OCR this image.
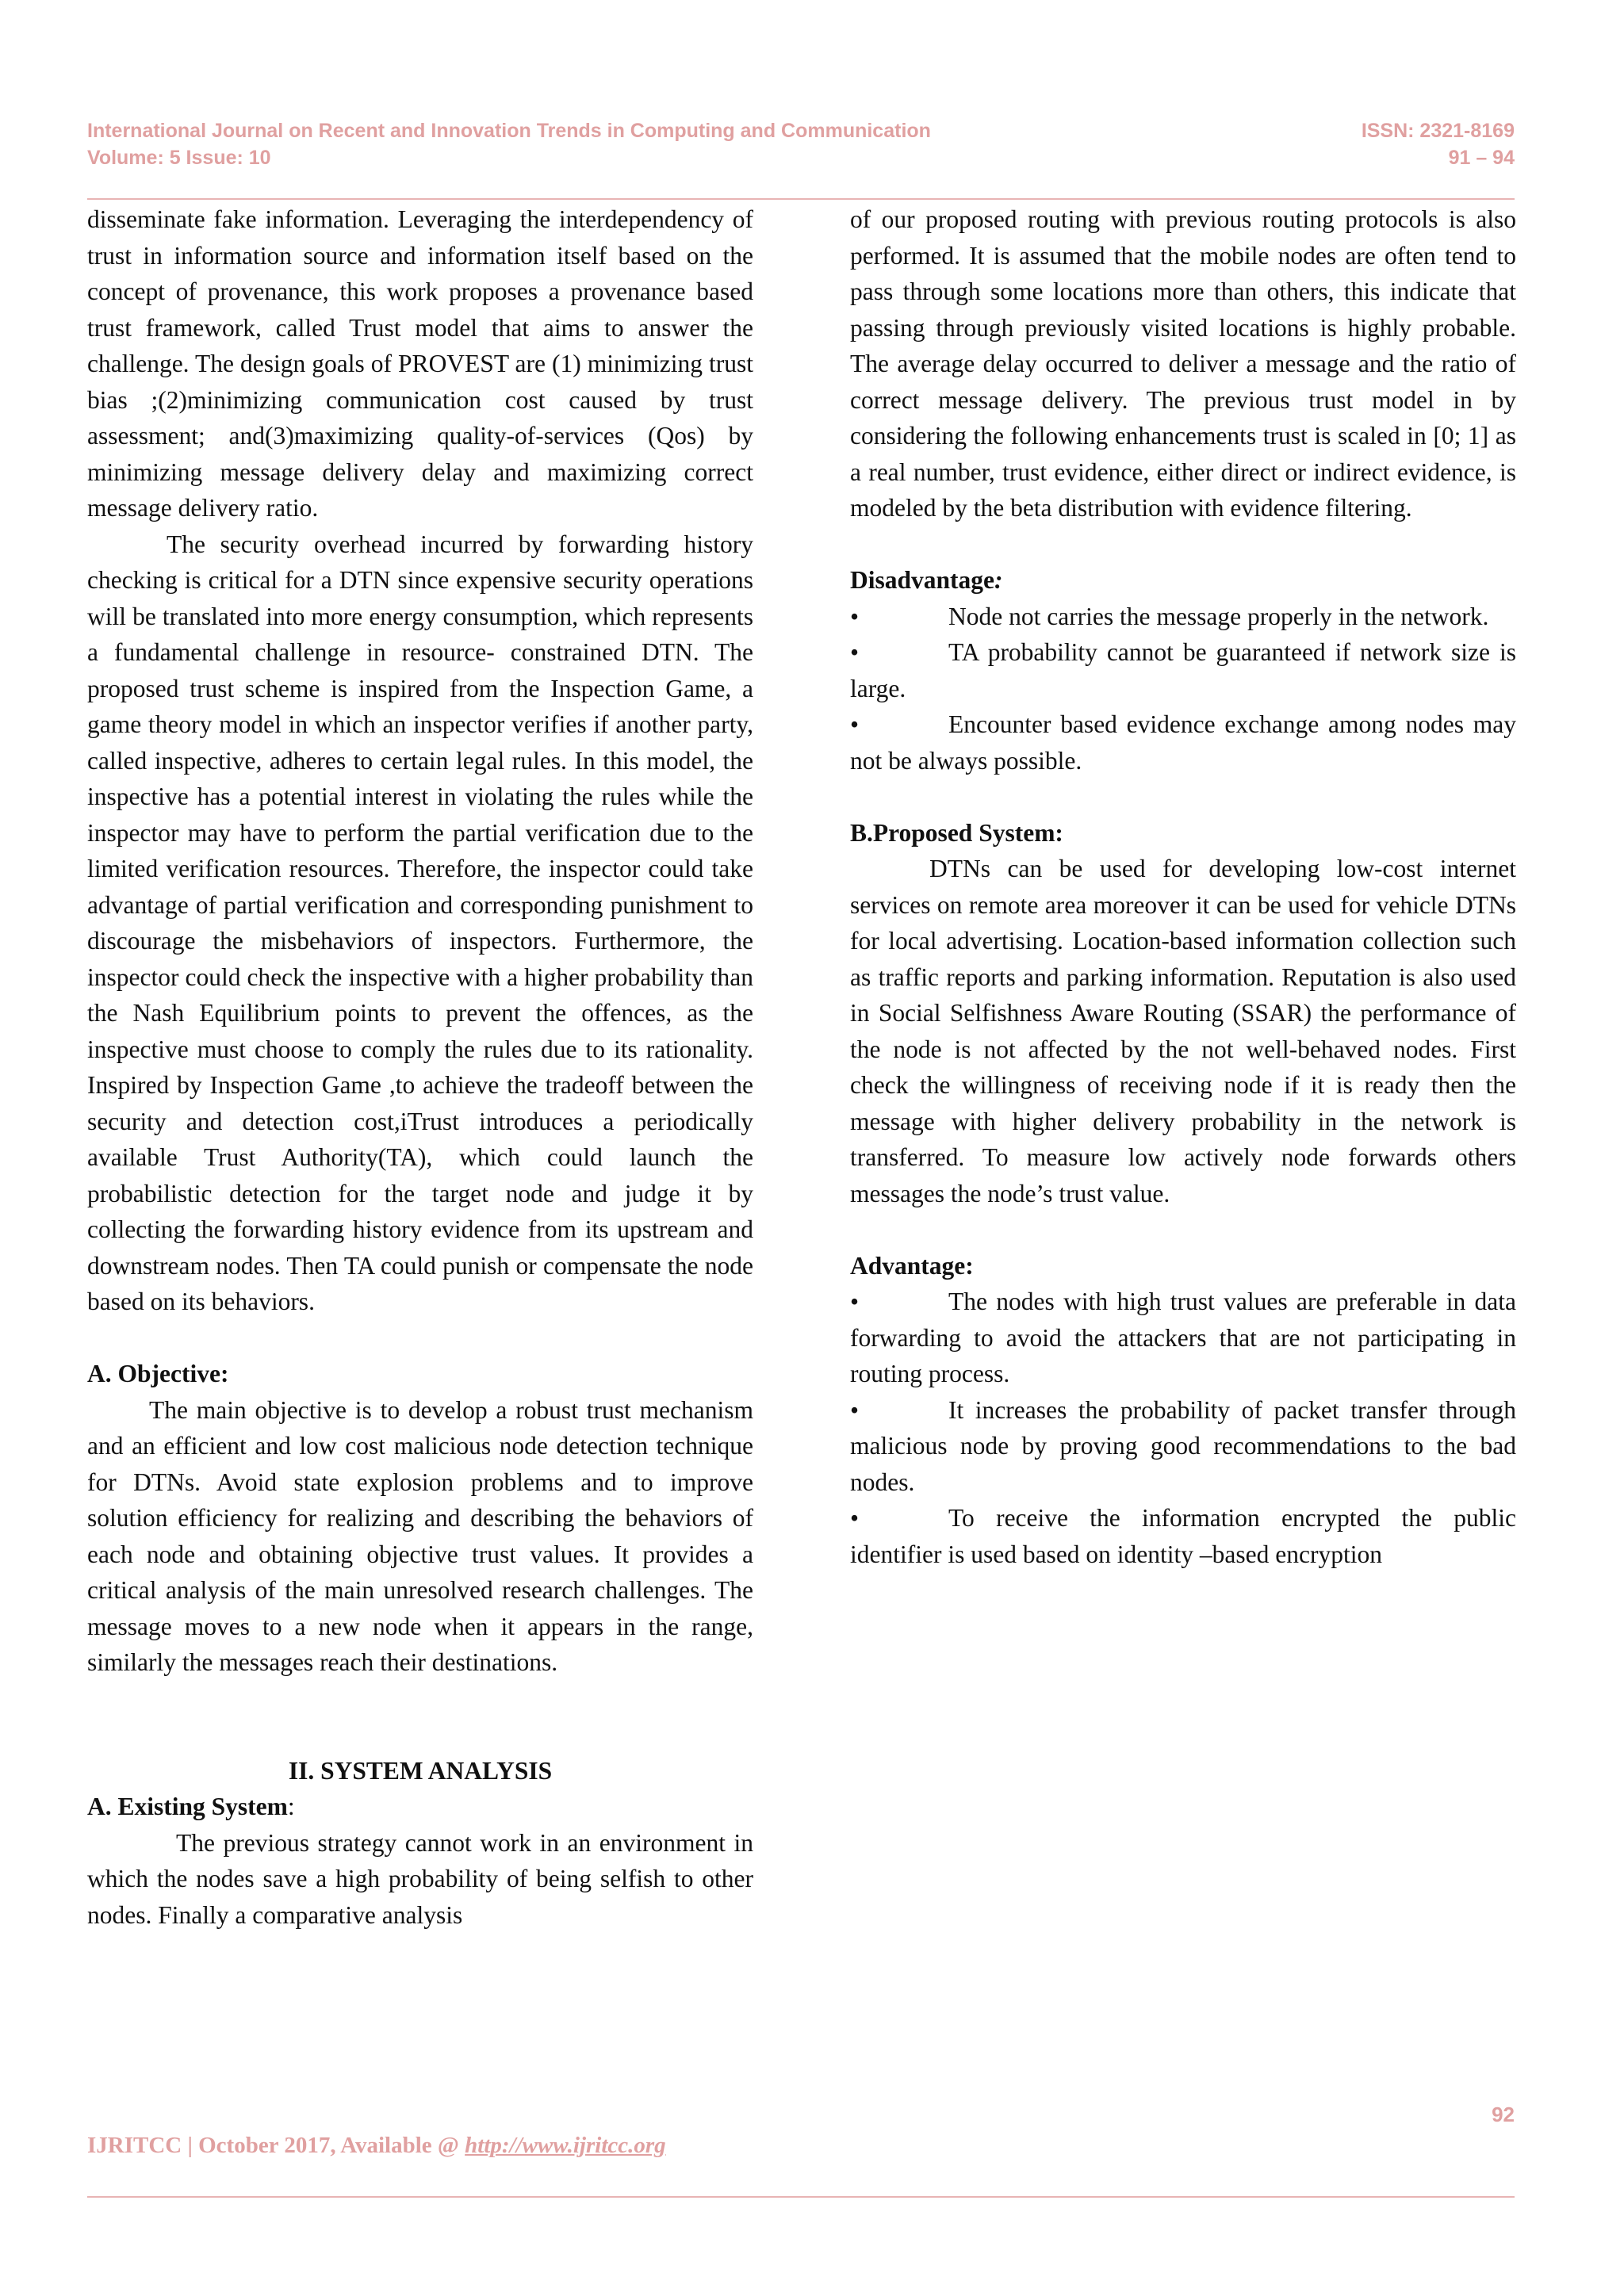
International Journal on Recent and Innovation Trends in Computing and Communication	ISSN: 2321-8169
Volume: 5 Issue: 10	91 – 94

disseminate fake information. Leveraging the interdependency of trust in information source and information itself based on the concept of provenance, this work proposes a provenance based trust framework, called Trust model that aims to answer the challenge. The design goals of PROVEST are (1) minimizing trust bias ;(2)minimizing communication cost caused by trust assessment; and(3)maximizing quality-of-services (Qos) by minimizing message delivery delay and maximizing correct message delivery ratio.

The security overhead incurred by forwarding history checking is critical for a DTN since expensive security operations will be translated into more energy consumption, which represents a fundamental challenge in resource- constrained DTN. The proposed trust scheme is inspired from the Inspection Game, a game theory model in which an inspector verifies if another party, called inspective, adheres to certain legal rules. In this model, the inspective has a potential interest in violating the rules while the inspector may have to perform the partial verification due to the limited verification resources. Therefore, the inspector could take advantage of partial verification and corresponding punishment to discourage the misbehaviors of inspectors. Furthermore, the inspector could check the inspective with a higher probability than the Nash Equilibrium points to prevent the offences, as the inspective must choose to comply the rules due to its rationality. Inspired by Inspection Game ,to achieve the tradeoff between the security and detection cost,iTrust introduces a periodically available Trust Authority(TA), which could launch the probabilistic detection for the target node and judge it by collecting the forwarding history evidence from its upstream and downstream nodes. Then TA could punish or compensate the node based on its behaviors.

A. Objective:

The main objective is to develop a robust trust mechanism and an efficient and low cost malicious node detection technique for DTNs. Avoid state explosion problems and to improve solution efficiency for realizing and describing the behaviors of each node and obtaining objective trust values. It provides a critical analysis of the main unresolved research challenges. The message moves to a new node when it appears in the range, similarly the messages reach their destinations.

II. SYSTEM ANALYSIS

A. Existing System:

The previous strategy cannot work in an environment in which the nodes save a high probability of being selfish to other nodes. Finally a comparative analysis

of our proposed routing with previous routing protocols is also performed. It is assumed that the mobile nodes are often tend to pass through some locations more than others, this indicate that passing through previously visited locations is highly probable. The average delay occurred to deliver a message and the ratio of correct message delivery. The previous trust model in by considering the following enhancements trust is scaled in [0; 1] as a real number, trust evidence, either direct or indirect evidence, is modeled by the beta distribution with evidence filtering.

Disadvantage:

•	Node not carries the message properly in the network.

•	TA probability cannot be guaranteed if network size is large.

•	Encounter based evidence exchange among nodes may not be always possible.

B.Proposed System:

DTNs can be used for developing low-cost internet services on remote area moreover it can be used for vehicle DTNs for local advertising. Location-based information collection such as traffic reports and parking information. Reputation is also used in Social Selfishness Aware Routing (SSAR) the performance of the node is not affected by the not well-behaved nodes. First check the willingness of receiving node if it is ready then the message with higher delivery probability in the network is transferred. To measure low actively node forwards others messages the node’s trust value.

Advantage:

•	The nodes with high trust values are preferable in data forwarding to avoid the attackers that are not participating in routing process.

•	It increases the probability of packet transfer through malicious node by proving good recommendations to the bad nodes.

•	To receive the information encrypted the public identifier is used based on identity –based encryption

92
IJRITCC | October 2017, Available @ http://www.ijritcc.org
